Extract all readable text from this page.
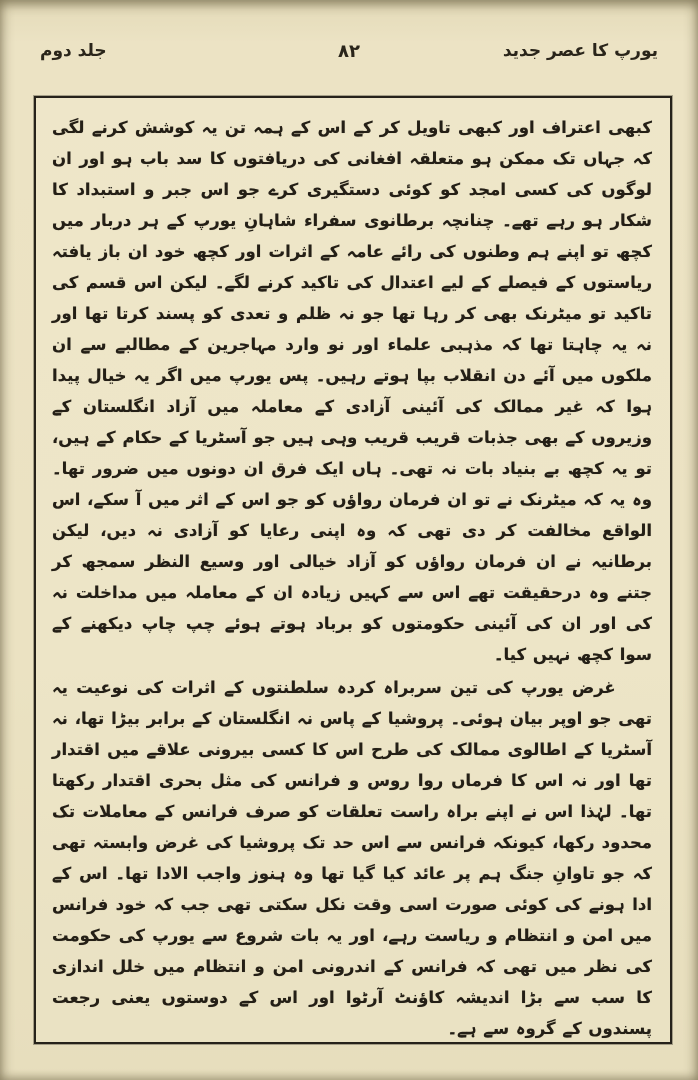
یورپ کا عصر جدید
۸۲
جلد دوم

کبھی اعتراف اور کبھی تاویل کر کے اس کے ہمہ تن یہ کوشش کرنے لگی کہ جہاں تک ممکن ہو متعلقہ افغانی کی دریافتوں کا سد باب ہو اور ان لوگوں کی کسی امجد کو کوئی دستگیری کرے جو اس جبر و استبداد کا شکار ہو رہے تھے۔ چنانچہ برطانوی سفراء شاہانِ یورپ کے ہر دربار میں کچھ تو اپنے ہم وطنوں کی رائے عامہ کے اثرات اور کچھ خود ان باز یافتہ ریاستوں کے فیصلے کے لیے اعتدال کی تاکید کرنے لگے۔ لیکن اس قسم کی تاکید تو میٹرنک بھی کر رہا تھا جو نہ ظلم و تعدی کو پسند کرتا تھا اور نہ یہ چاہتا تھا کہ مذہبی علماء اور نو وارد مہاجرین کے مطالبے سے ان ملکوں میں آئے دن انقلاب بپا ہوتے رہیں۔ پس یورپ میں اگر یہ خیال پیدا ہوا کہ غیر ممالک کی آئینی آزادی کے معاملہ میں آزاد انگلستان کے وزیروں کے بھی جذبات قریب قریب وہی ہیں جو آسٹریا کے حکام کے ہیں، تو یہ کچھ بے بنیاد بات نہ تھی۔ ہاں ایک فرق ان دونوں میں ضرور تھا۔ وہ یہ کہ میٹرنک نے تو ان فرمان رواؤں کو جو اس کے اثر میں آ سکے، اس الواقع مخالفت کر دی تھی کہ وہ اپنی رعایا کو آزادی نہ دیں، لیکن برطانیہ نے ان فرمان رواؤں کو آزاد خیالی اور وسیع النظر سمجھ کر جتنے وہ درحقیقت تھے اس سے کہیں زیادہ ان کے معاملہ میں مداخلت نہ کی اور ان کی آئینی حکومتوں کو برباد ہوتے ہوئے چپ چاپ دیکھنے کے سوا کچھ نہیں کیا۔

غرض یورپ کی تین سربراہ کردہ سلطنتوں کے اثرات کی نوعیت یہ تھی جو اوپر بیان ہوئی۔ پروشیا کے پاس نہ انگلستان کے برابر بیڑا تھا، نہ آسٹریا کے اطالوی ممالک کی طرح اس کا کسی بیرونی علاقے میں اقتدار تھا اور نہ اس کا فرماں روا روس و فرانس کی مثل بحری اقتدار رکھتا تھا۔ لہٰذا اس نے اپنے براہ راست تعلقات کو صرف فرانس کے معاملات تک محدود رکھا، کیونکہ فرانس سے اس حد تک پروشیا کی غرض وابستہ تھی کہ جو تاوانِ جنگ ہم پر عائد کیا گیا تھا وہ ہنوز واجب الادا تھا۔ اس کے ادا ہونے کی کوئی صورت اسی وقت نکل سکتی تھی جب کہ خود فرانس میں امن و انتظام و ریاست رہے، اور یہ بات شروع سے یورپ کی حکومت کی نظر میں تھی کہ فرانس کے اندرونی امن و انتظام میں خلل اندازی کا سب سے بڑا اندیشہ کاؤنٹ آرٹوا اور اس کے دوستوں یعنی رجعت پسندوں کے گروہ سے ہے۔
